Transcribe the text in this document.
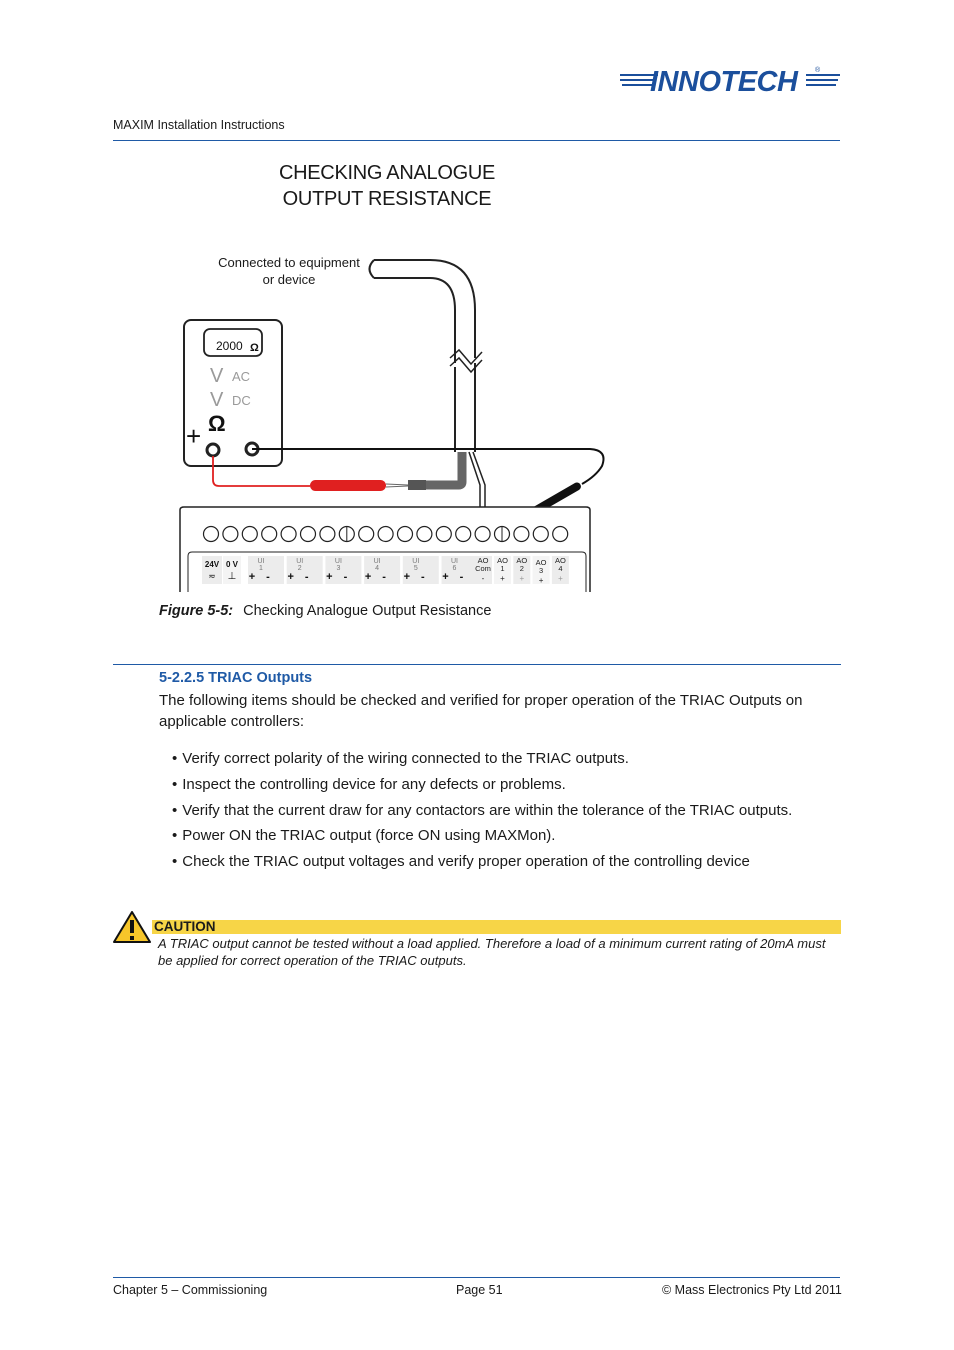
INNOTECH	®
MAXIM Installation Instructions
CHECKING ANALOGUE
OUTPUT RESISTANCE
Connected to equipment
or device
2000 Ω
V AC
V DC
Ω
+
24V 0 V
≂ ⊥
UI
1
+ -
UI
2
+ -
UI
3
+ -
UI
4
+ -
UI
5
+ -
UI
6
+ -
AO
Com
-
AO
1
+
AO
2
+
AO
3
+
AO
4
+
Figure 5-5: Checking Analogue Output Resistance
5-2.2.5 TRIAC Outputs
The following items should be checked and verified for proper operation of the TRIAC Outputs on applicable controllers:
• Verify correct polarity of the wiring connected to the TRIAC outputs.
• Inspect the controlling device for any defects or problems.
• Verify that the current draw for any contactors are within the tolerance of the TRIAC outputs.
• Power ON the TRIAC output (force ON using MAXMon).
• Check the TRIAC output voltages and verify proper operation of the controlling device
CAUTION
A TRIAC output cannot be tested without a load applied. Therefore a load of a minimum current rating of 20mA must be applied for correct operation of the TRIAC outputs.
Chapter 5 – Commissioning	Page 51	© Mass Electronics Pty Ltd 2011
